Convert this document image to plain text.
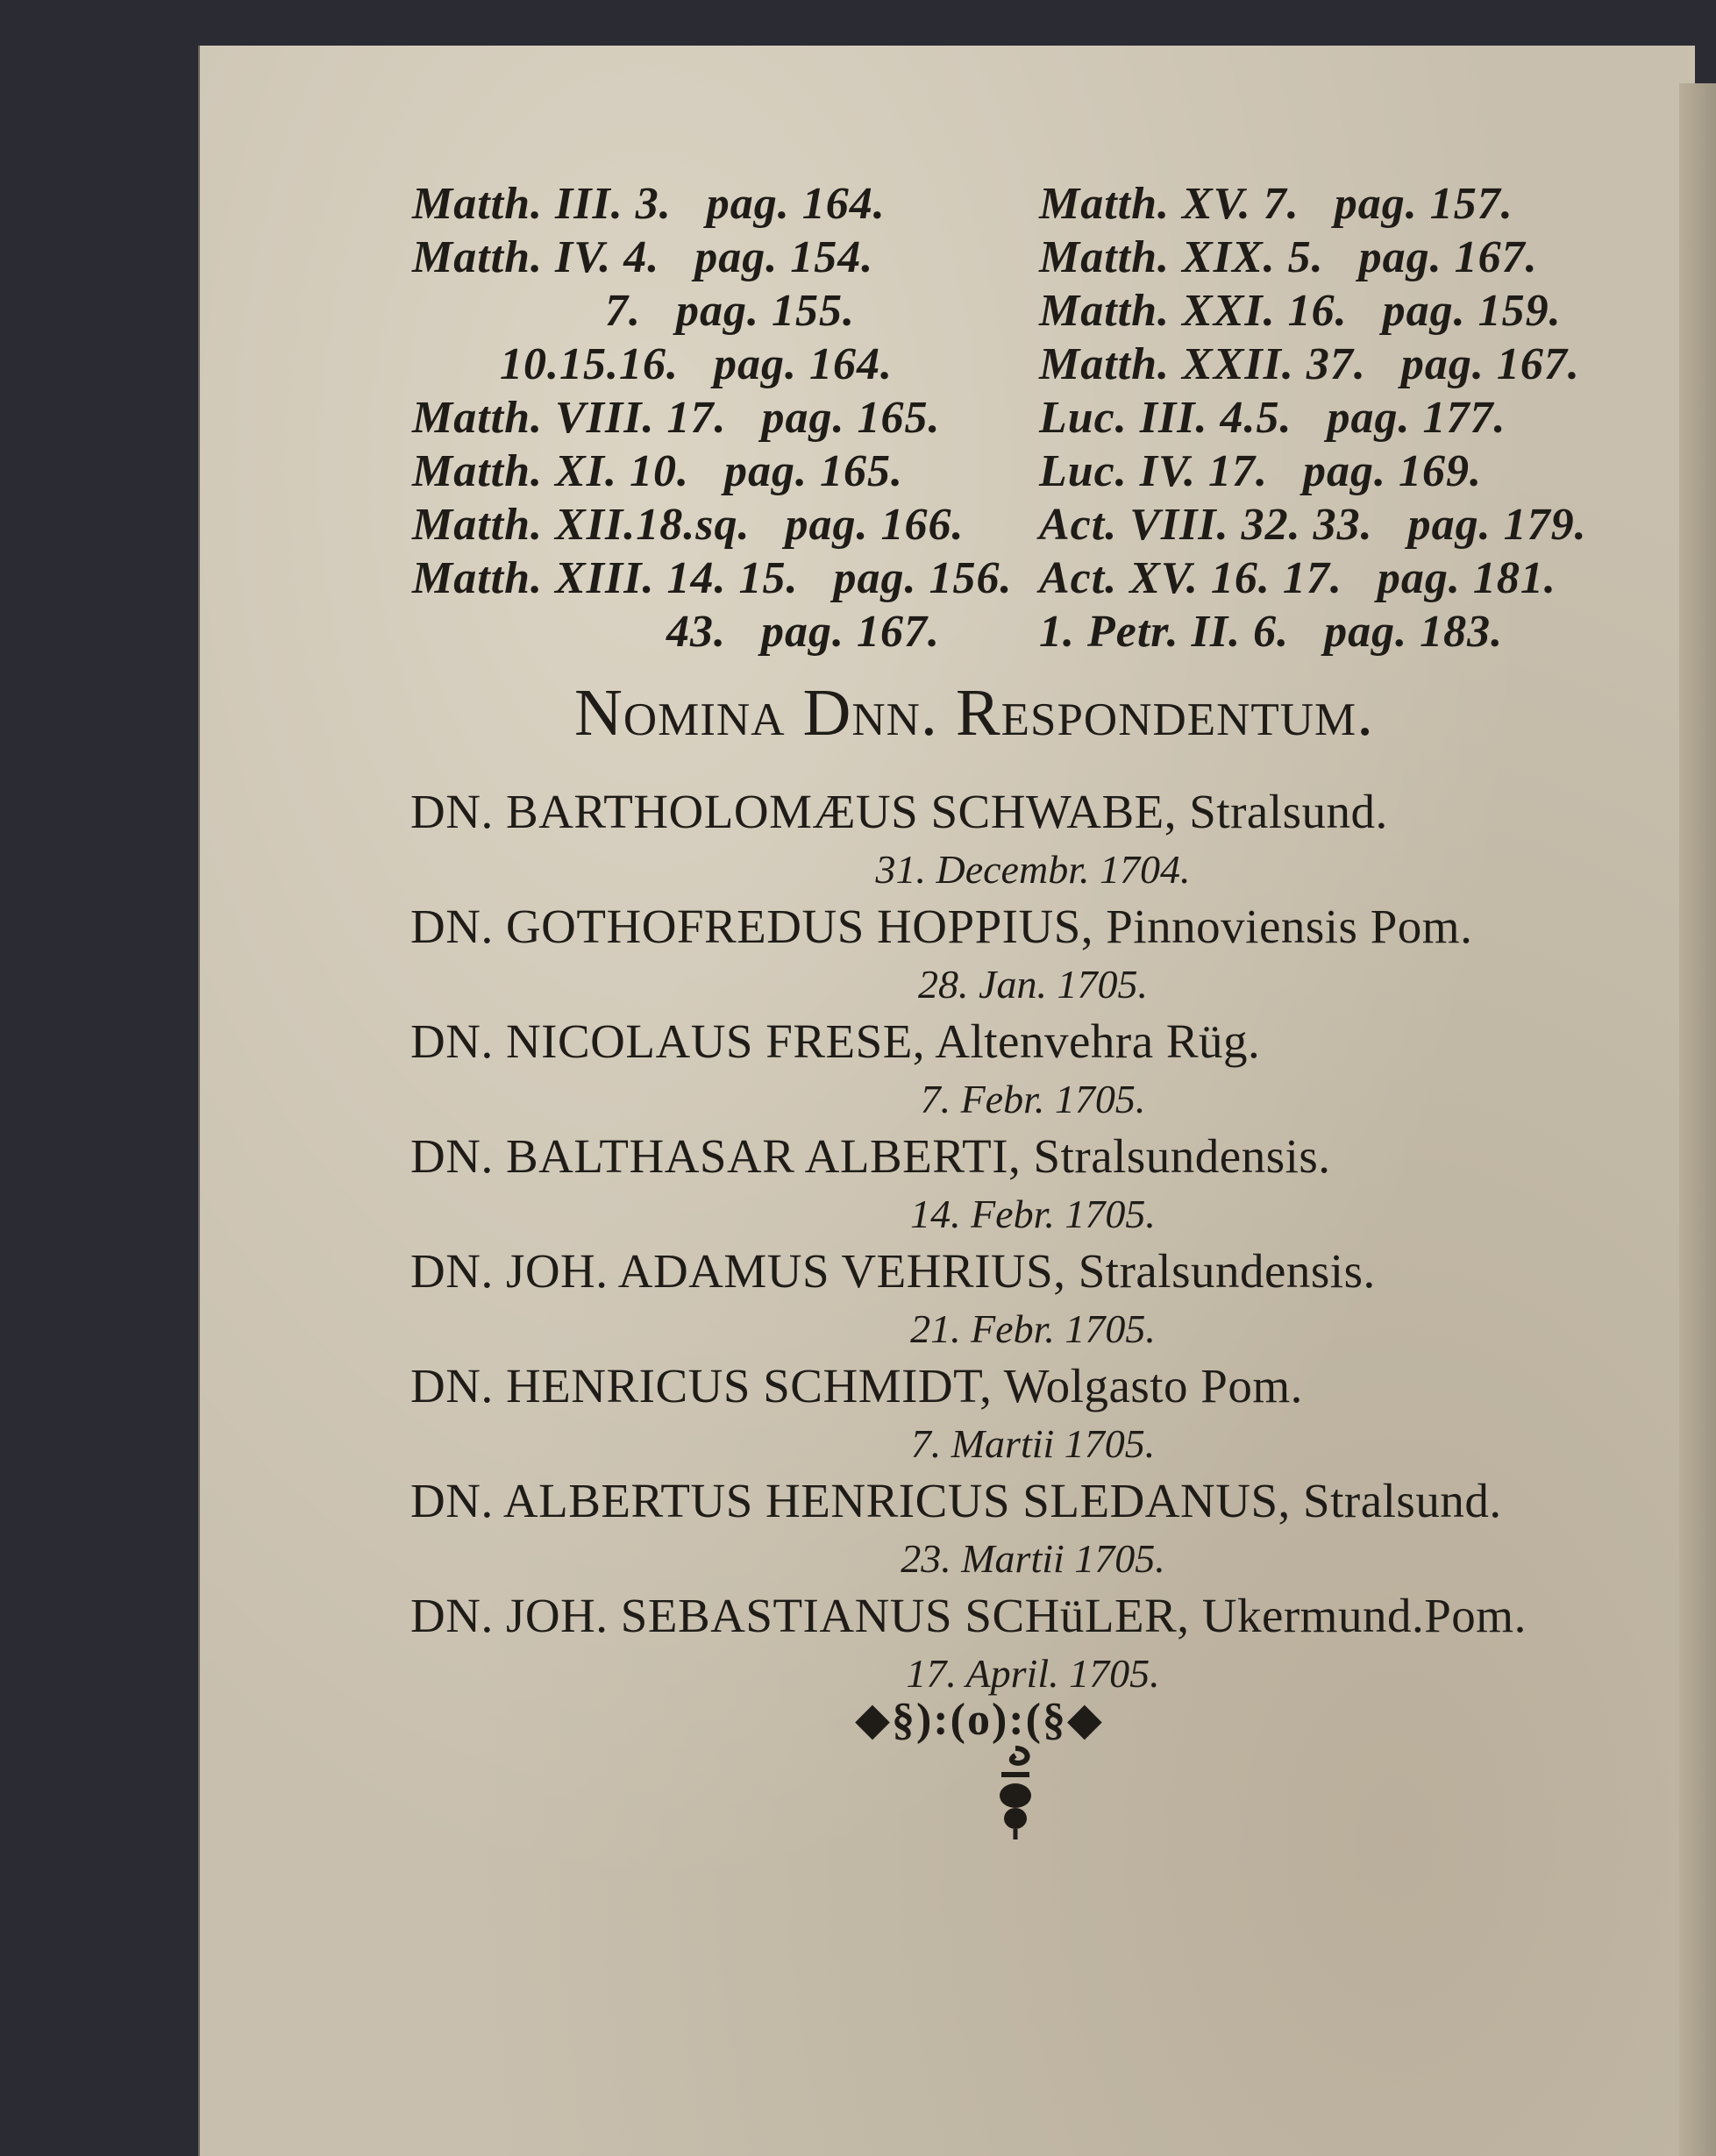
Matth. III. 3. pag. 164.
Matth. IV. 4. pag. 154.
7. pag. 155.
10.15.16. pag. 164.
Matth. VIII. 17. pag. 165.
Matth. XI. 10. pag. 165.
Matth. XII.18.sq. pag. 166.
Matth. XIII. 14. 15. pag. 156.
43. pag. 167.
Matth. XV. 7. pag. 157.
Matth. XIX. 5. pag. 167.
Matth. XXI. 16. pag. 159.
Matth. XXII. 37. pag. 167.
Luc. III. 4.5. pag. 177.
Luc. IV. 17. pag. 169.
Act. VIII. 32. 33. pag. 179.
Act. XV. 16. 17. pag. 181.
1. Petr. II. 6. pag. 183.
Nomina Dnn. Respondentum.
DN. BARTHOLOMÆUS SCHWABE, Stralsund.
31. Decembr. 1704.
DN. GOTHOFREDUS HOPPIUS, Pinnoviensis Pom.
28. Jan. 1705.
DN. NICOLAUS FRESE, Altenvehra Rüg.
7. Febr. 1705.
DN. BALTHASAR ALBERTI, Stralsundensis.
14. Febr. 1705.
DN. JOH. ADAMUS VEHRIUS, Stralsundensis.
21. Febr. 1705.
DN. HENRICUS SCHMIDT, Wolgasto Pom.
7. Martii 1705.
DN. ALBERTUS HENRICUS SLEDANUS, Stralsund.
23. Martii 1705.
DN. JOH. SEBASTIANUS SCHüLER, Ukermund.Pom.
17. April. 1705.
◆§):(o):(§◆
